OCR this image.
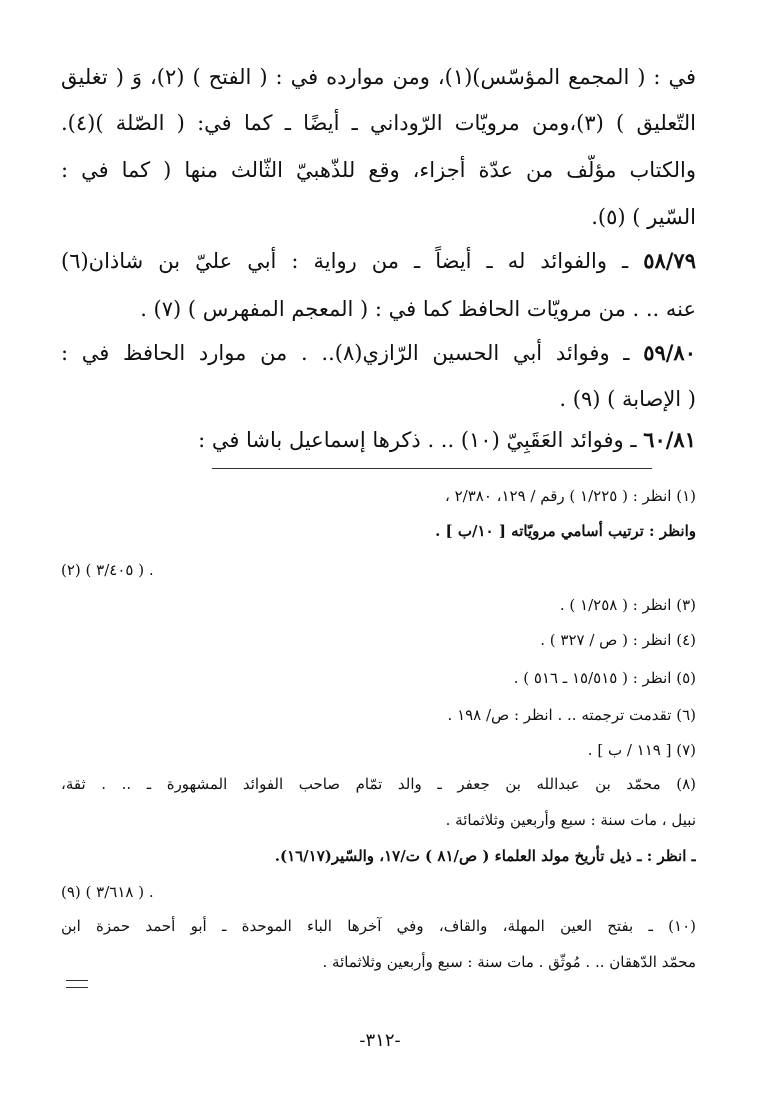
في : ( المجمع المؤسّس)(١)، ومن موارده في : ( الفتح ) (٢)، وَ ( تغليق
التّعليق ) (٣)،ومن مرويّات الرّوداني ـ أيضًا ـ كما في: ( الصّلة )(٤).
والكتاب مؤلّف من عدّة أجزاء، وقع للذّهبيّ الثّالث منها ( كما في :
السّير ) (٥).
٥٨/٧٩ ـ والفوائد له ـ أيضاً ـ من رواية : أبي عليّ بن شاذان(٦)
عنه .. . من مرويّات الحافظ كما في : ( المعجم المفهرس ) (٧) .
٥٩/٨٠ ـ وفوائد أبي الحسين الرّازي(٨).. . من موارد الحافظ في :
( الإصابة ) (٩) .
٦٠/٨١ ـ وفوائد العَقَبِيّ (١٠) .. . ذكرها إسماعيل باشا في :
(١) انظر : ( ١/٢٢٥ ) رقم / ١٢٩، ٢/٣٨٠ ،
وانظر : ترتيب أسامي مرويّاته [ ١٠/ب ] .
(٢) ( ٣/٤٠٥ ) .
(٣) انظر : ( ١/٢٥٨ ) .
(٤) انظر : ( ص / ٣٢٧ ) .
(٥) انظر : ( ١٥/٥١٥ ـ ٥١٦ ) .
(٦) تقدمت ترجمته .. . انظر : ص/ ١٩٨ .
(٧) [ ١١٩ / ب ] .
(٨) محمّد بن عبدالله بن جعفر ـ والد تمّام صاحب الفوائد المشهورة ـ .. . ثقة،
نبيل ، مات سنة : سبع وأربعين وثلاثمائة .
ـ انظر : ـ ذيل تأريخ مولد العلماء ( ص/٨١ ) ت/١٧، والسّير(١٦/١٧).
(٩) ( ٣/٦١٨ ) .
(١٠) ـ بفتح العين المهلة، والقاف، وفي آخرها الباء الموحدة ـ أبو أحمد حمزة ابن
محمّد الدّهقان .. . مُوثّق . مات سنة : سبع وأربعين وثلاثمائة .
-٣١٢-
